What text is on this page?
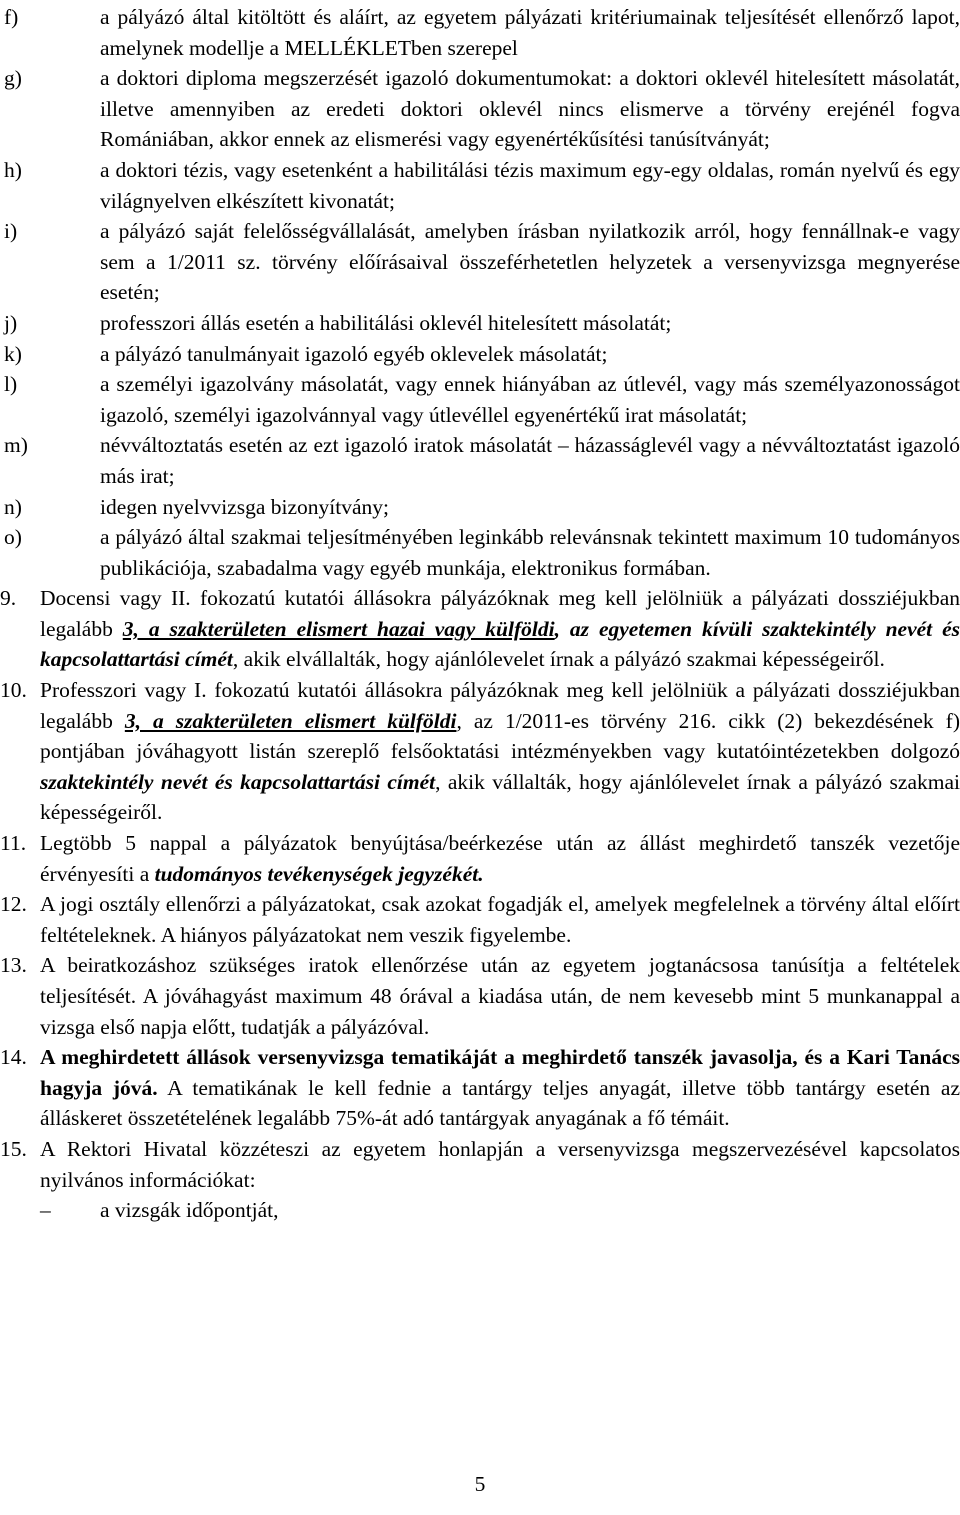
f)	a pályázó által kitöltött és aláírt, az egyetem pályázati kritériumainak teljesítését ellenőrző lapot, amelynek modellje a MELLÉKLETben szerepel
g)	a doktori diploma megszerzését igazoló dokumentumokat: a doktori oklevél hitelesített másolatát, illetve amennyiben az eredeti doktori oklevél nincs elismerve a törvény erejénél fogva Romániában, akkor ennek az elismerési vagy egyenértékűsítési tanúsítványát;
h)	a doktori tézis, vagy esetenként a habilitálási tézis maximum egy-egy oldalas, román nyelvű és egy világnyelven elkészített kivonatát;
i)	a pályázó saját felelősségvállalását, amelyben írásban nyilatkozik arról, hogy fennállnak-e vagy sem a 1/2011 sz. törvény előírásaival összeférhetetlen helyzetek a versenyvizsga megnyerése esetén;
j)	professzori állás esetén a habilitálási oklevél hitelesített másolatát;
k)	a pályázó tanulmányait igazoló egyéb oklevelek másolatát;
l)	a személyi igazolvány másolatát, vagy ennek hiányában az útlevél, vagy más személyazonosságot igazoló, személyi igazolvánnyal vagy útlevéllel egyenértékű irat másolatát;
m)	névváltoztatás esetén az ezt igazoló iratok másolatát – házasságlevél vagy a névváltoztatást igazoló más irat;
n)	idegen nyelvvizsga bizonyítvány;
o)	a pályázó által szakmai teljesítményében leginkább relevánsnak tekintett maximum 10 tudományos publikációja, szabadalma vagy egyéb munkája, elektronikus formában.
9. Docensi vagy II. fokozatú kutatói állásokra pályázóknak meg kell jelölniük a pályázati dossziéjukban legalább 3, a szakterületen elismert hazai vagy külföldi, az egyetemen kívüli szaktekintély nevét és kapcsolattartási címét, akik elvállalták, hogy ajánlólevelet írnak a pályázó szakmai képességeiről.
10. Professzori vagy I. fokozatú kutatói állásokra pályázóknak meg kell jelölniük a pályázati dossziéjukban legalább 3, a szakterületen elismert külföldi, az 1/2011-es törvény 216. cikk (2) bekezdésének f) pontjában jóváhagyott listán szereplő felsőoktatási intézményekben vagy kutatóintézetekben dolgozó szaktekintély nevét és kapcsolattartási címét, akik vállalták, hogy ajánlólevelet írnak a pályázó szakmai képességeiről.
11. Legtöbb 5 nappal a pályázatok benyújtása/beérkezése után az állást meghirdető tanszék vezetője érvényesíti a tudományos tevékenységek jegyzékét.
12. A jogi osztály ellenőrzi a pályázatokat, csak azokat fogadják el, amelyek megfelelnek a törvény által előírt feltételeknek. A hiányos pályázatokat nem veszik figyelembe.
13. A beiratkozáshoz szükséges iratok ellenőrzése után az egyetem jogtanácsosa tanúsítja a feltételek teljesítését. A jóváhagyást maximum 48 órával a kiadása után, de nem kevesebb mint 5 munkanappal a vizsga első napja előtt, tudatják a pályázóval.
14. A meghirdetett állások versenyvizsga tematikáját a meghirdető tanszék javasolja, és a Kari Tanács hagyja jóvá. A tematikának le kell fednie a tantárgy teljes anyagát, illetve több tantárgy esetén az álláskeret összetételének legalább 75%-át adó tantárgyak anyagának a fő témáit.
15. A Rektori Hivatal közzéteszi az egyetem honlapján a versenyvizsga megszervezésével kapcsolatos nyilvános információkat:
– a vizsgák időpontját,
5
